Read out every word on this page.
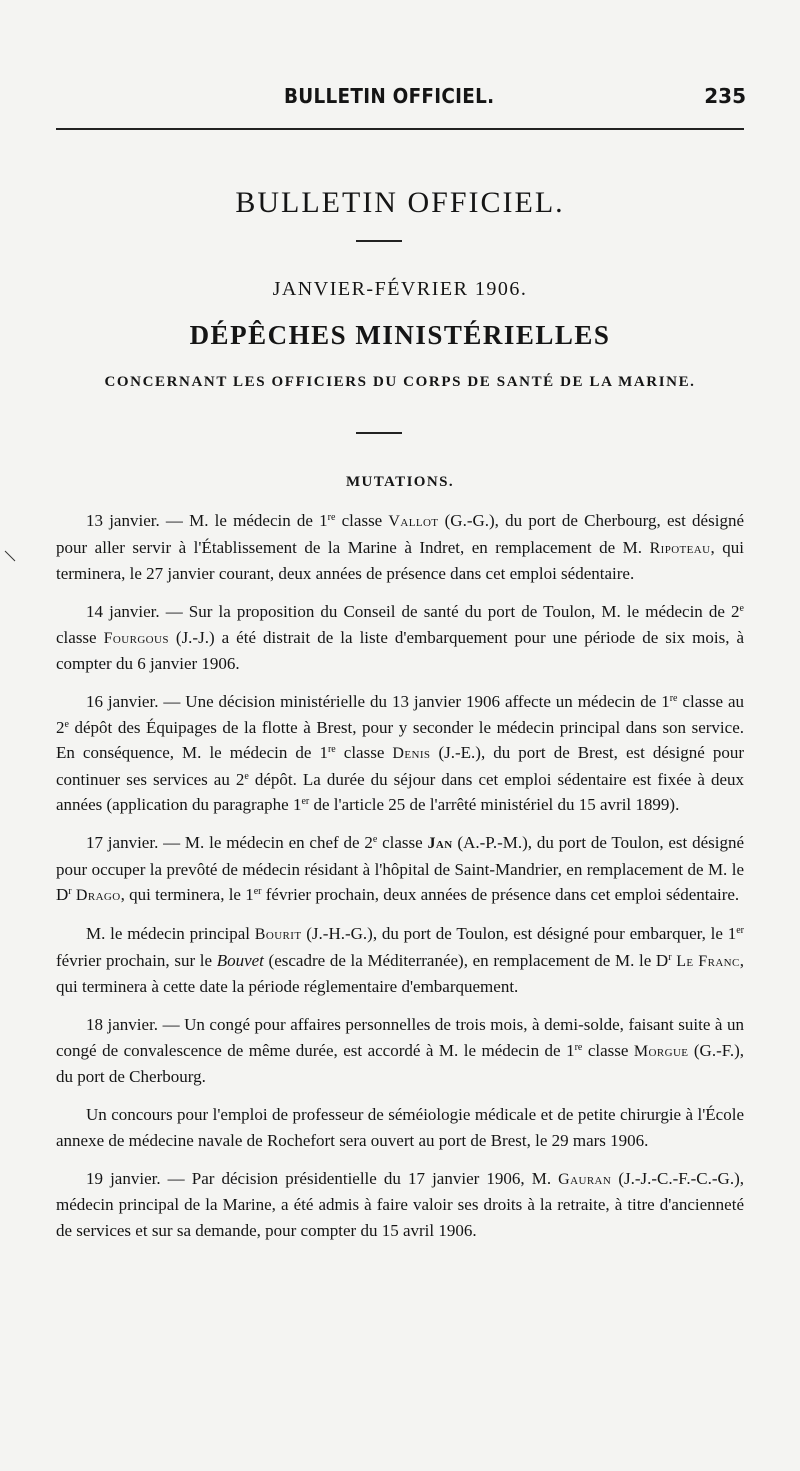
BULLETIN OFFICIEL.	235
BULLETIN OFFICIEL.
JANVIER-FÉVRIER 1906.
DÉPÊCHES MINISTÉRIELLES
CONCERNANT LES OFFICIERS DU CORPS DE SANTÉ DE LA MARINE.
MUTATIONS.

13 janvier. — M. le médecin de 1re classe Vallot (G.-G.), du port de Cherbourg, est désigné pour aller servir à l'Établissement de la Marine à Indret, en remplacement de M. Ripoteau, qui terminera, le 27 janvier courant, deux années de présence dans cet emploi sédentaire.

14 janvier. — Sur la proposition du Conseil de santé du port de Toulon, M. le médecin de 2e classe Fourgous (J.-J.) a été distrait de la liste d'embarquement pour une période de six mois, à compter du 6 janvier 1906.

16 janvier. — Une décision ministérielle du 13 janvier 1906 affecte un médecin de 1re classe au 2e dépôt des Équipages de la flotte à Brest, pour y seconder le médecin principal dans son service. En conséquence, M. le médecin de 1re classe Denis (J.-E.), du port de Brest, est désigné pour continuer ses services au 2e dépôt. La durée du séjour dans cet emploi sédentaire est fixée à deux années (application du paragraphe 1er de l'article 25 de l'arrêté ministériel du 15 avril 1899).

17 janvier. — M. le médecin en chef de 2e classe Jan (A.-P.-M.), du port de Toulon, est désigné pour occuper la prevôté de médecin résidant à l'hôpital de Saint-Mandrier, en remplacement de M. le $D^r$ Drago, qui terminera, le 1er février prochain, deux années de présence dans cet emploi sédentaire.

M. le médecin principal Bourit (J.-H.-G.), du port de Toulon, est désigné pour embarquer, le 1er février prochain, sur le Bouvet (escadre de la Méditerranée), en remplacement de M. le $D^r$ Le Franc, qui terminera à cette date la période réglementaire d'embarquement.

18 janvier. — Un congé pour affaires personnelles de trois mois, à demi-solde, faisant suite à un congé de convalescence de même durée, est accordé à M. le médecin de 1re classe Morgue (G.-F.), du port de Cherbourg.

Un concours pour l'emploi de professeur de séméiologie médicale et de petite chirurgie à l'École annexe de médecine navale de Rochefort sera ouvert au port de Brest, le 29 mars 1906.

19 janvier. — Par décision présidentielle du 17 janvier 1906, M. Gauran (J.-J.-C.-F.-C.-G.), médecin principal de la Marine, a été admis à faire valoir ses droits à la retraite, à titre d'ancienneté de services et sur sa demande, pour compter du 15 avril 1906.
